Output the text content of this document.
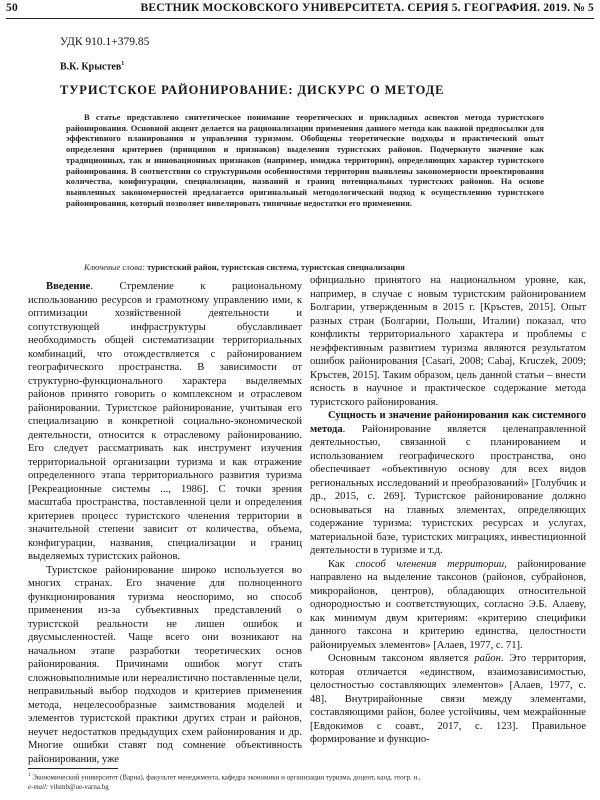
50	ВЕСТНИК МОСКОВСКОГО УНИВЕРСИТЕТА. СЕРИЯ 5. ГЕОГРАФИЯ. 2019. № 5
УДК 910.1+379.85
В.К. Крыстев$^1$
ТУРИСТСКОЕ РАЙОНИРОВАНИЕ: ДИСКУРС О МЕТОДЕ

В статье представлено синтетическое понимание теоретических и прикладных аспектов метода туристского районирования. Основной акцент делается на рационализации применения данного метода как важной предпосылки для эффективного планирования и управления туризмом. Обобщены теоретические подходы и практический опыт определения критериев (принципов и признаков) выделения туристских районов. Подчеркнуто значение как традиционных, так и инновационных признаков (например, имиджа территории), определяющих характер туристского районирования. В соответствии со структурными особенностями территории выявлены закономерности проектирования количества, конфигурации, специализации, названий и границ потенциальных туристских районов. На основе выявленных закономерностей предлагается оригинальный методологический подход к осуществлению туристского районирования, который позволяет нивелировать типичные недостатки его применения.

Ключевые слова: туристский район, туристская система, туристская специализация

Введение. Стремление к рациональному использованию ресурсов и грамотному управлению ими, к оптимизации хозяйственной деятельности и сопутствующей инфраструктуры обуславливает необходимость общей систематизации территориальных комбинаций, что отождествляется с районированием географического пространства. В зависимости от структурно-функционального характера выделяемых районов принято говорить о комплексном и отраслевом районировании. Туристское районирование, учитывая его специализацию в конкретной социально-экономической деятельности, относится к отраслевому районированию. Его следует рассматривать как инструмент изучения территориальной организации туризма и как отражение определенного этапа территориального развития туризма [Рекреационные системы ..., 1986]. С точки зрения масштаба пространства, поставленной цели и определения критериев процесс туристского членения территории в значительной степени зависит от количества, объема, конфигурации, названия, специализации и границ выделяемых туристских районов.

Туристское районирование широко используется во многих странах. Его значение для полноценного функционирования туризма неоспоримо, но способ применения из-за субъективных представлений о туристской реальности не лишен ошибок и двусмысленностей. Чаще всего они возникают на начальном этапе разработки теоретических основ районирования. Причинами ошибок могут стать сложновыполнимые или нереалистично поставленные цели, неправильный выбор подходов и критериев применения метода, нецелесообразные заимствования моделей и элементов туристской практики других стран и районов, неучет недостатков предыдущих схем районирования и др. Многие ошибки ставят под сомнение объективность районирования, уже

официально принятого на национальном уровне, как, например, в случае с новым туристским районированием Болгарии, утвержденным в 2015 г. [Кръстев, 2015]. Опыт разных стран (Болгарии, Польши, Италии) показал, что конфликты территориального характера и проблемы с неэффективным развитием туризма являются результатом ошибок районирования [Casari, 2008; Cabaj, Kruczek, 2009; Кръстев, 2015]. Таким образом, цель данной статьи – внести ясность в научное и практическое содержание метода туристского районирования.

Сущность и значение районирования как системного метода. Районирование является целенаправленной деятельностью, связанной с планированием и использованием географического пространства, оно обеспечивает «объективную основу для всех видов региональных исследований и преобразований» [Голубчик и др., 2015, с. 269]. Туристское районирование должно основываться на главных элементах, определяющих содержание туризма: туристских ресурсах и услугах, материальной базе, туристских миграциях, инвестиционной деятельности в туризме и т.д.

Как способ членения территории, районирование направлено на выделение таксонов (районов, субрайонов, микрорайонов, центров), обладающих относительной однородностью и соответствующих, согласно Э.Б. Алаеву, как минимум двум критериям: «критерию специфики данного таксона и критерию единства, целостности районируемых элементов» [Алаев, 1977, с. 71].

Основным таксоном является район. Это территория, которая отличается «единством, взаимозависимостью, целостностью составляющих элементов» [Алаев, 1977, с. 48]. Внутрирайонные связи между элементами, составляющими район, более устойчивы, чем межрайонные [Евдокимов с соавт., 2017, с. 123]. Правильное формирование и функцио-

$^1$ Экономический университет (Варна), факультет менеджмента, кафедра экономики и организации туризма, доцент, канд. геогр. н.,
e-mail: vilsmb@ue-varna.bg
